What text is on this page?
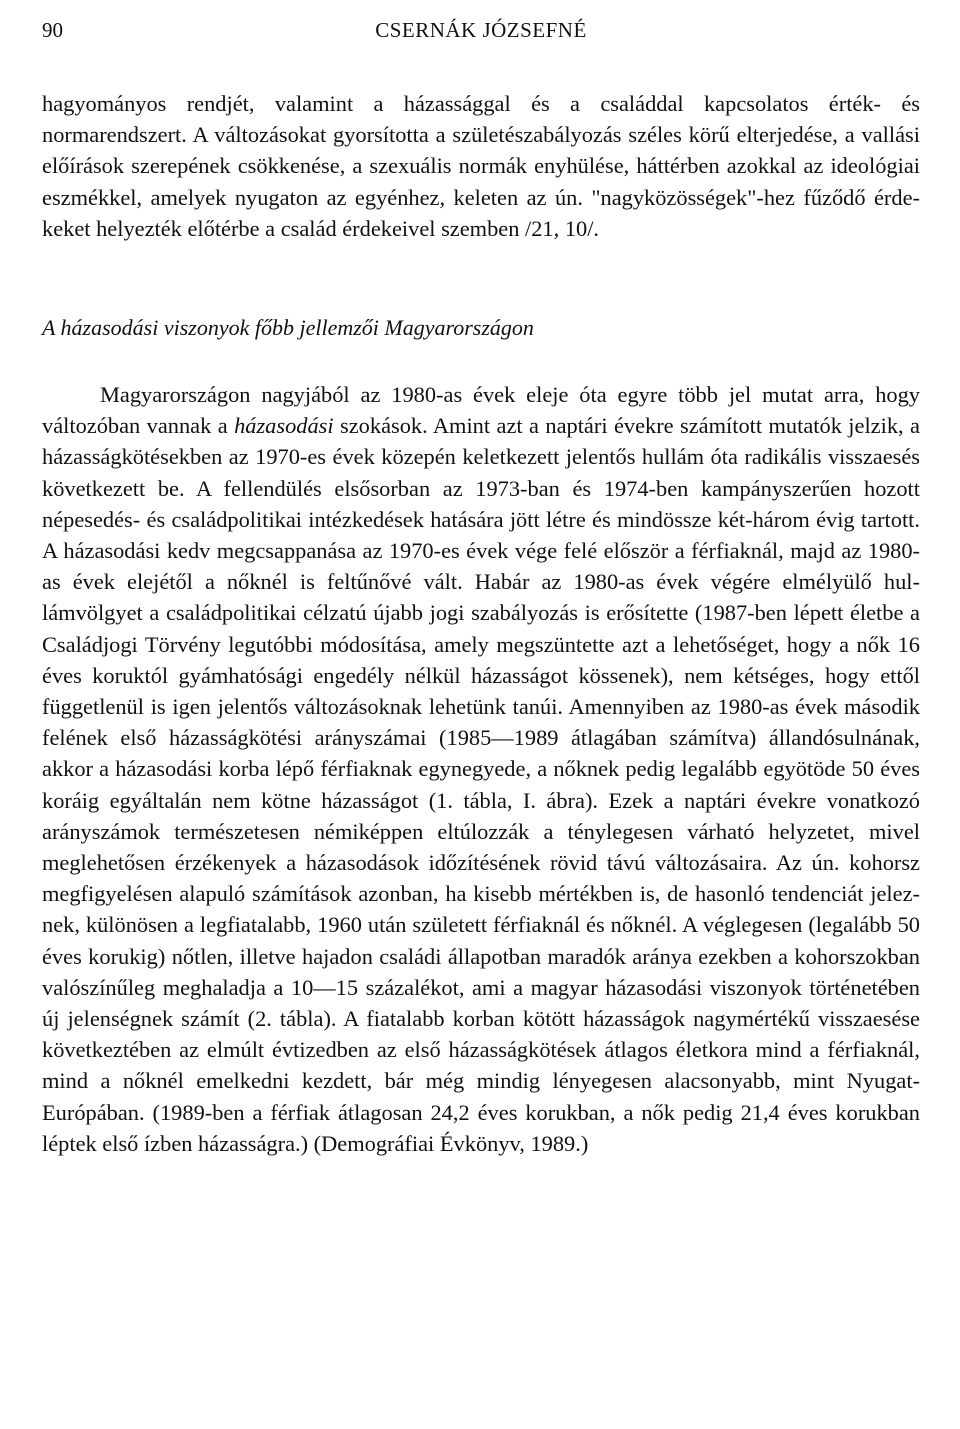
90	CSERNÁK JÓZSEFNÉ

hagyományos rendjét, valamint a házassággal és a családdal kapcsolatos érték- és normarendszert. A változásokat gyorsította a születészabályozás széles körű elterjedése, a vallási előírások szerepének csökkenése, a szexuális normák enyhülése, háttérben azokkal az ideológiai eszmékkel, amelyek nyugaton az egyénhez, keleten az ún. "nagyközösségek"-hez fűződő érdekeket helyezték előtérbe a család érdekeivel szemben /21, 10/.

A házasodási viszonyok főbb jellemzői Magyarországon

Magyarországon nagyjából az 1980-as évek eleje óta egyre több jel mutat arra, hogy változóban vannak a házasodási szokások. Amint azt a naptári évekre számított mutatók jelzik, a házasságkötésekben az 1970-es évek közepén keletkezett jelentős hullám óta radikális visszaesés következett be. A fellendülés elsősorban az 1973-ban és 1974-ben kampányszerűen hozott népesedés- és családpolitikai intézkedések hatására jött létre és mindössze két-három évig tartott. A házasodási kedv megcsappanása az 1970-es évek vége felé először a férfiaknál, majd az 1980-as évek elejétől a nőknél is feltűnővé vált. Habár az 1980-as évek végére elmélyülő hullámvölgyet a családpolitikai célzatú újabb jogi szabályozás is erősítette (1987-ben lépett életbe a Családjogi Törvény legutóbbi módosítása, amely megszüntette azt a lehetőséget, hogy a nők 16 éves koruktól gyámhatósági engedély nélkül házasságot kössenek), nem kétséges, hogy ettől függetlenül is igen jelentős változásoknak lehetünk tanúi. Amennyiben az 1980-as évek második felének első házasságkötési arányszámai (1985—1989 átlagában számítva) állandósulnának, akkor a házasodási korba lépő férfiaknak egynegyede, a nőknek pedig legalább egyötöde 50 éves koráig egyáltalán nem kötne házasságot (1. tábla, I. ábra). Ezek a naptári évekre vonatkozó arányszámok természetesen némiképpen eltúlozzák a ténylegesen várható helyzetet, mivel meglehetősen érzékenyek a házasodások időzítésének rövid távú változásaira. Az ún. kohorsz megfigyelésen alapuló számítások azonban, ha kisebb mértékben is, de hasonló tendenciát jeleznek, különösen a legfiatalabb, 1960 után született férfiaknál és nőknél. A véglegesen (legalább 50 éves korukig) nőtlen, illetve hajadon családi állapotban maradók aránya ezekben a kohorszokban valószínűleg meghaladja a 10—15 százalékot, ami a magyar házasodási viszonyok történetében új jelenségnek számít (2. tábla). A fiatalabb korban kötött házasságok nagymértékű visszaesése következtében az elmúlt évtizedben az első házasságkötések átlagos életkora mind a férfiaknál, mind a nőknél emelkedni kezdett, bár még mindig lényegesen alacsonyabb, mint Nyugat-Európában. (1989-ben a férfiak átlagosan 24,2 éves korukban, a nők pedig 21,4 éves korukban léptek első ízben házasságra.) (Demográfiai Évkönyv, 1989.)
